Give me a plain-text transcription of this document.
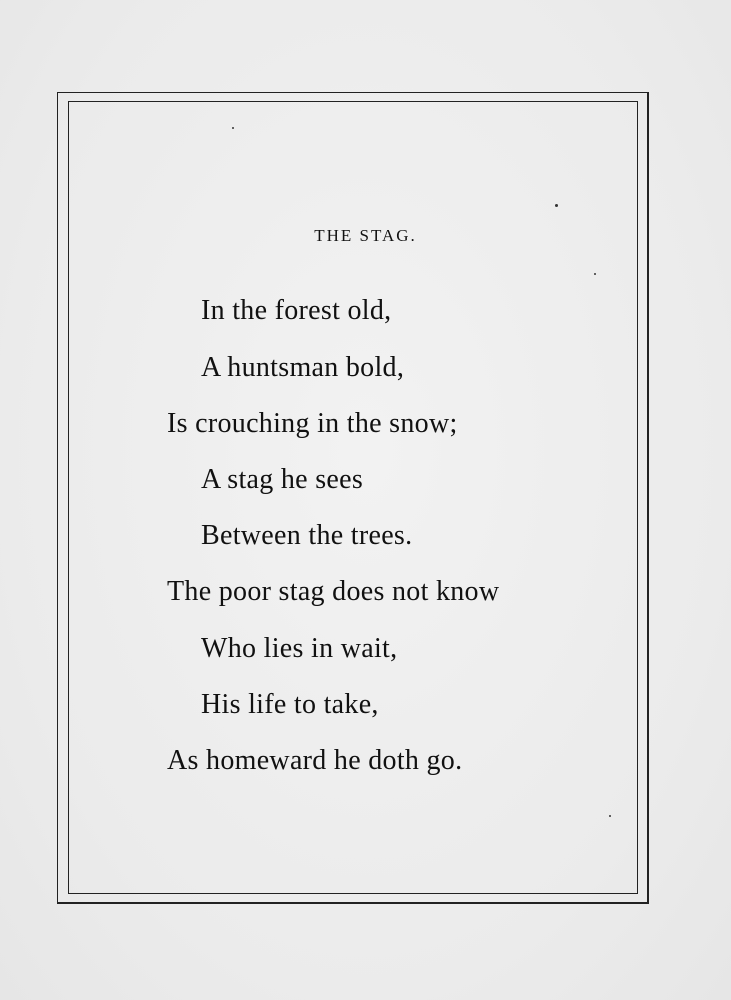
THE STAG.
In the forest old,
A huntsman bold,
Is crouching in the snow;
A stag he sees
Between the trees.
The poor stag does not know
Who lies in wait,
His life to take,
As homeward he doth go.
